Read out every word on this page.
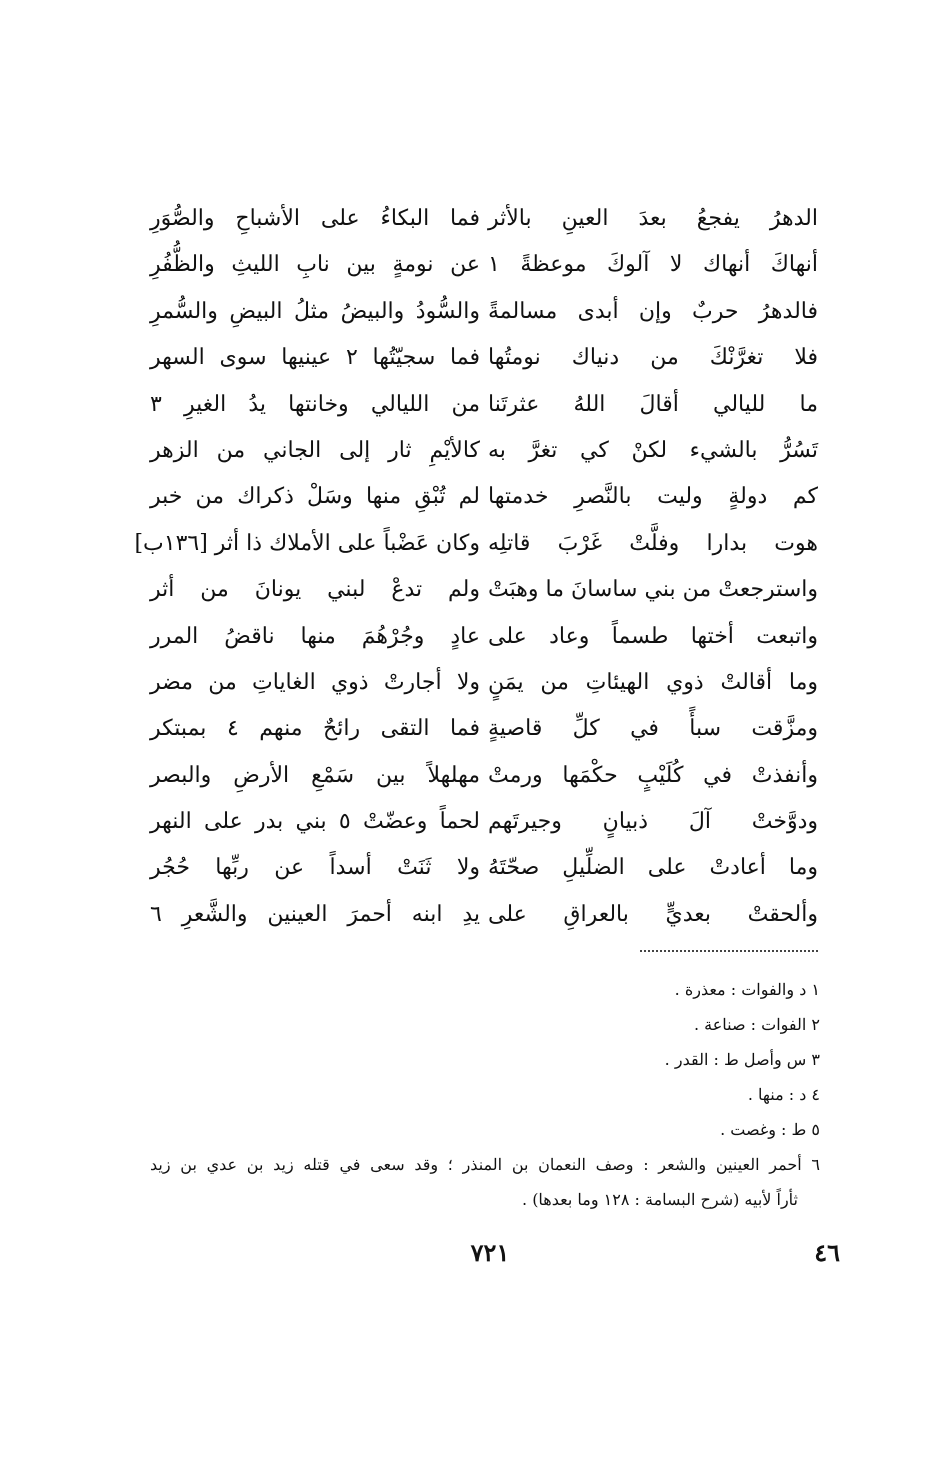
الدهرُ يفجعُ بعدَ العينِ بالأثر
أنهاكَ أنهاك لا آلوكَ موعظةً ١
فالدهرُ حربٌ وإن أبدى مسالمةً
فلا تغرَّنْكَ من دنياك نومتُها
ما لليالي أقالَ اللهُ عثرتَنا
تَسُرُّ بالشيء لكنْ كي تغرَّ به
كم دولةٍ وليت بالنَّصرِ خدمتها
هوت بدارا وفلَّتْ غَرْبَ قاتلِه
واسترجعتْ من بني ساسانَ ما وهبَتْ
واتبعت أختها طسماً وعاد على
وما أقالتْ ذوي الهيئاتِ من يمَنٍ
ومزَّقت سبأً في كلِّ قاصيةٍ
وأنفذتْ في كُلَيْبٍ حكْمَها ورمتْ
ودوَّختْ آلَ ذبيانٍ وجيرتَهم
وما أعادتْ على الضلِّيلِ صحّتَهُ
وألحقتْ بعديٍّ بالعراقِ على
فما البكاءُ على الأشباحِ والصُّوَرِ
عن نومةٍ بين نابِ الليثِ والظُّفُرِ
والسُّودُ والبيضُ مثلُ البيضِ والسُّمرِ
فما سجيّتُها ٢ عينيها سوى السهر
من الليالي وخانتها يدُ الغيرِ ٣
كالأيْمِ ثار إلى الجاني من الزهر
لم تُبْقِ منها وسَلْ ذكراك من خبر
وكان عَضْباً على الأملاك ذا أثر [١٣٦ب]
ولم تدعْ لبني يونانَ من أثر
عادٍ وجُرْهُمَ منها ناقضُ المرر
ولا أجارتْ ذوي الغاياتِ من مضر
فما التقى رائحٌ منهم ٤ بمبتكر
مهلهلاً بين سَمْعِ الأرضِ والبصر
لحماً وعضّتْ ٥ بني بدر على النهر
ولا ثَنَتْ أسداً عن ربِّها حُجُر
يدِ ابنه أحمرَ العينين والشَّعرِ ٦
١ د والفوات : معذرة .
٢ الفوات : صناعة .
٣ س وأصل ط : القدر .
٤ د : منها .
٥ ط : وغصت .
٦ أحمر العينين والشعر : وصف النعمان بن المنذر ؛ وقد سعى في قتله زيد بن عدي بن زيد
ثأراً لأبيه (شرح البسامة : ١٢٨ وما بعدها) .
٧٢١	٤٦
